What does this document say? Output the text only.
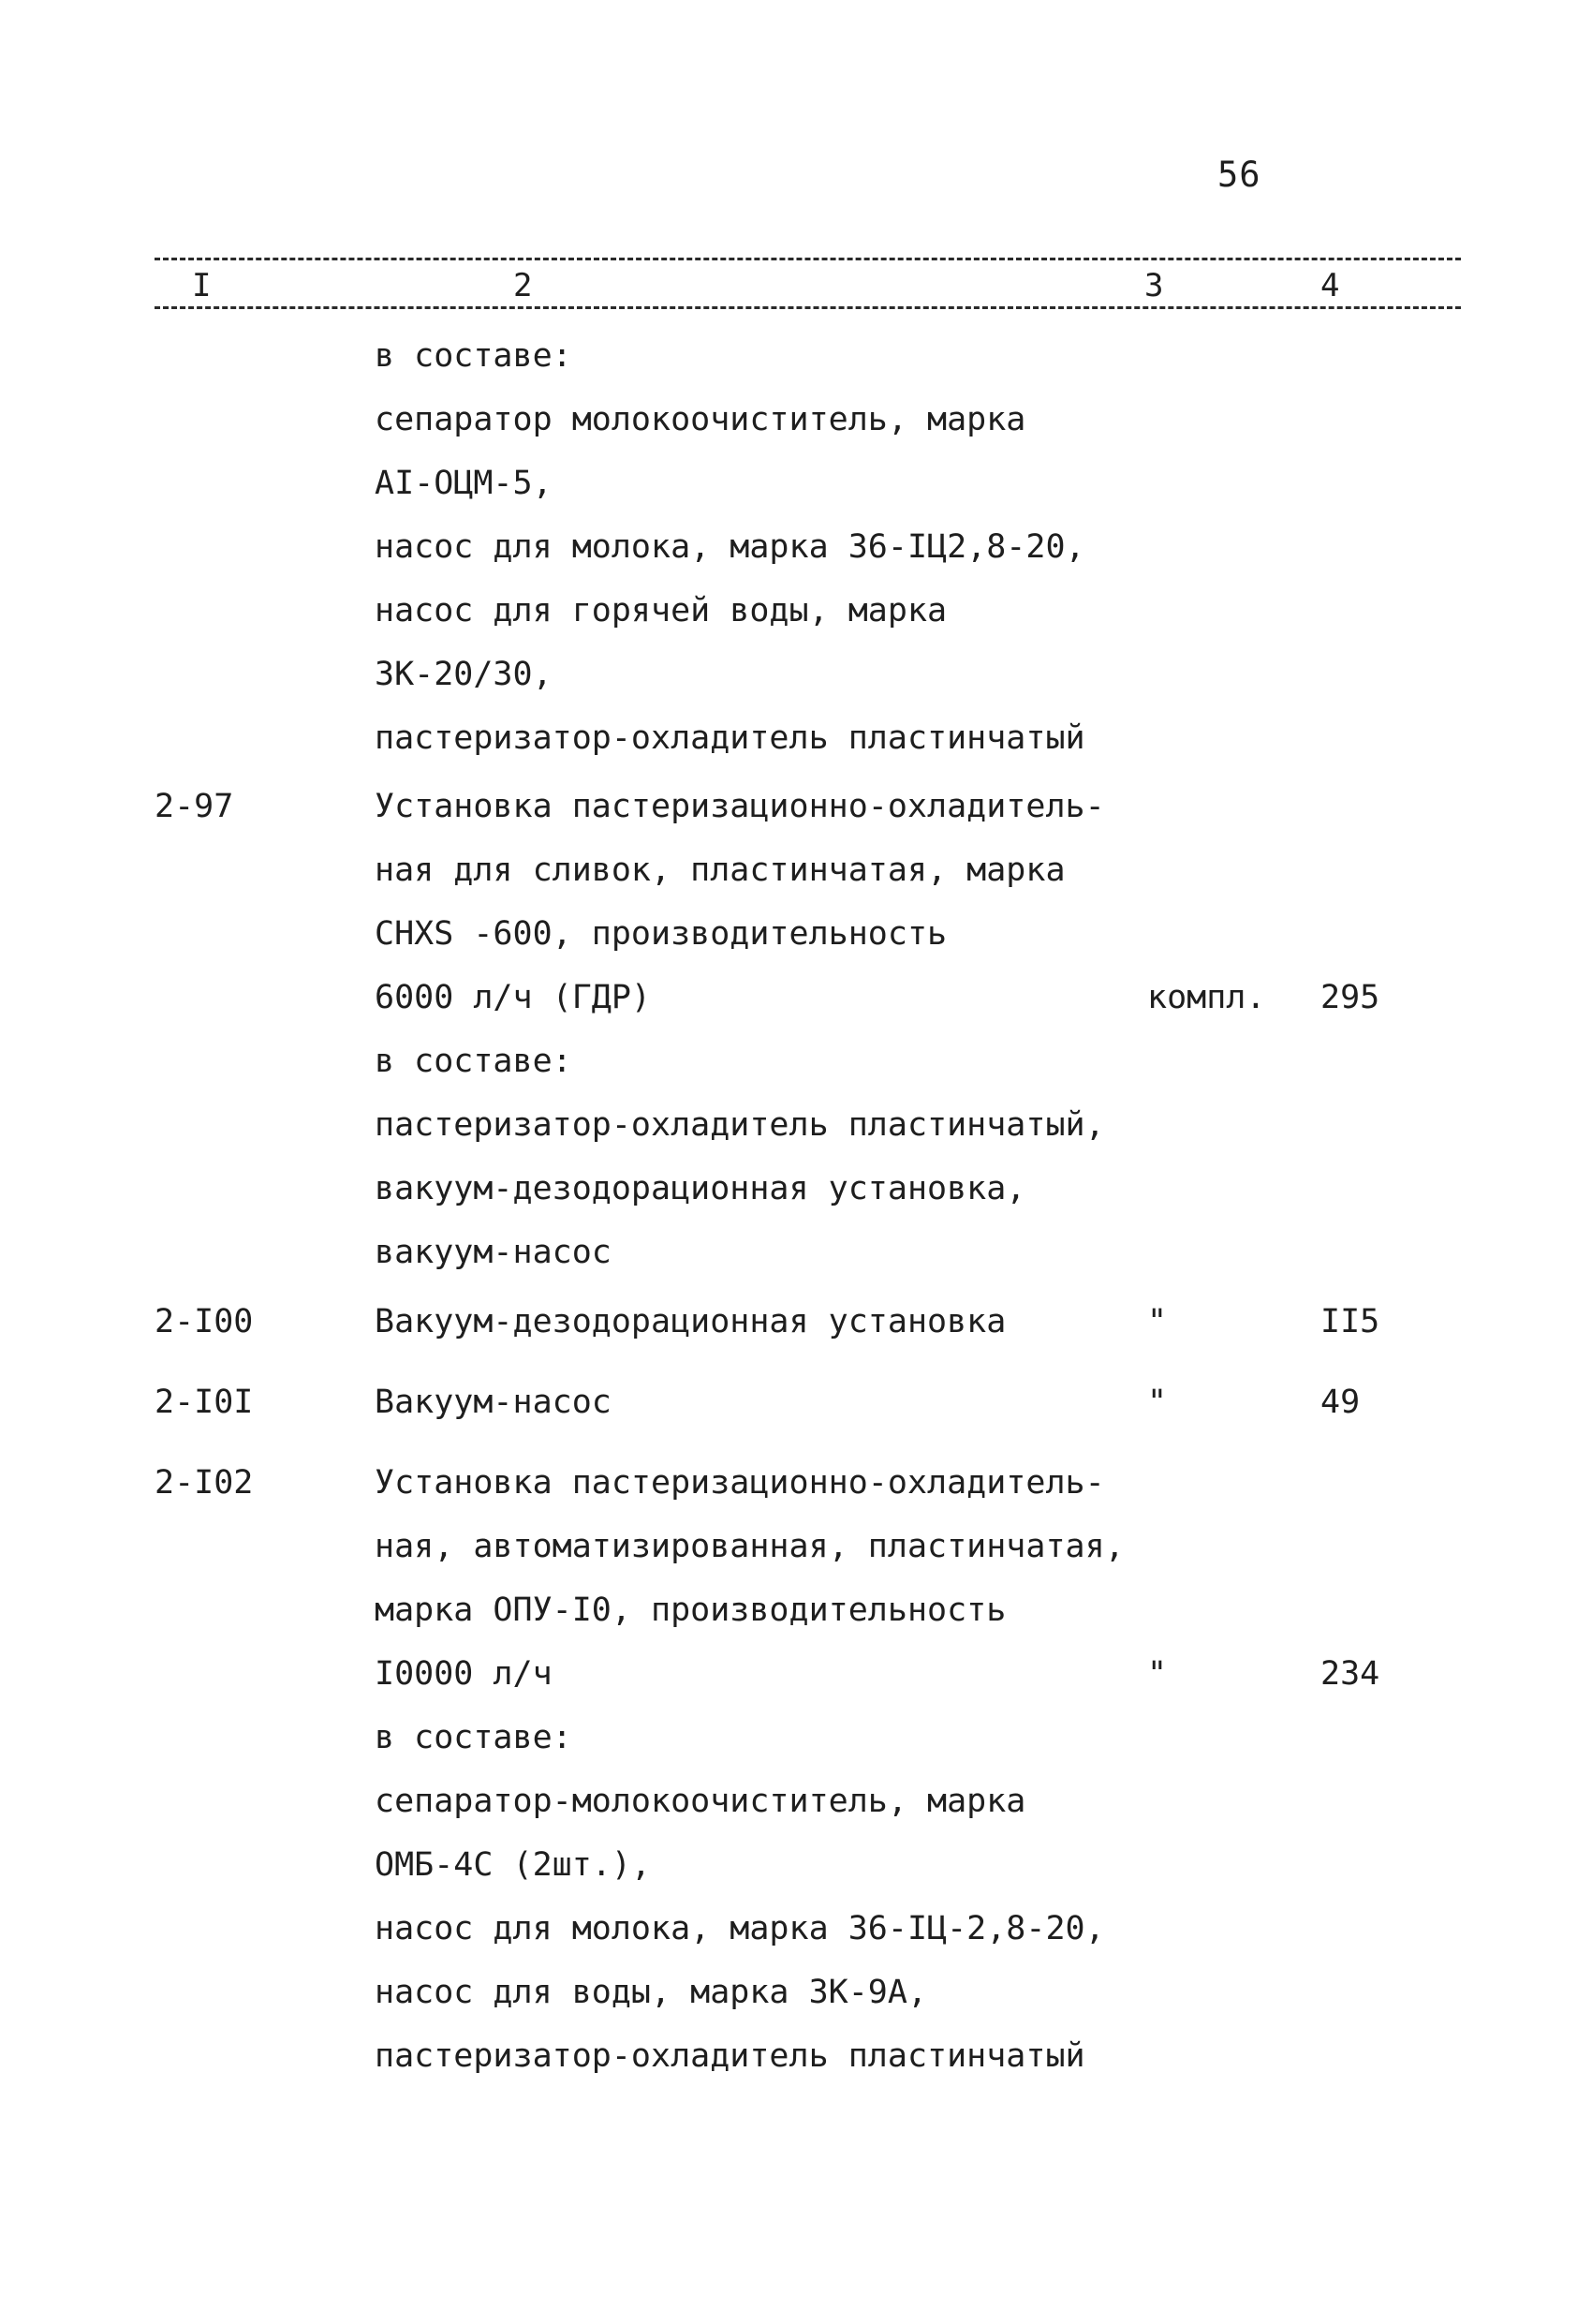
56
I	2	3	4
в составе:
сепаратор молокоочиститель, марка
АI-ОЦМ-5,
насос для молока, марка 36-IЦ2,8-20,
насос для горячей воды, марка
3К-20/30,
пастеризатор-охладитель пластинчатый
2-97	Установка пастеризационно-охладитель-
ная для сливок, пластинчатая, марка
CHXS -600, производительность
6000 л/ч (ГДР)	компл. 295
в составе:
пастеризатор-охладитель пластинчатый,
вакуум-дезодорационная установка,
вакуум-насос
2-I00	Вакуум-дезодорационная установка	"	II5
2-I0I	Вакуум-насос	"	49
2-I02	Установка пастеризационно-охладитель-
ная, автоматизированная, пластинчатая,
марка ОПУ-I0, производительность
I0000 л/ч	"	234
в составе:
сепаратор-молокоочиститель, марка
ОМБ-4С (2шт.),
насос для молока, марка 36-IЦ-2,8-20,
насос для воды, марка 3К-9А,
пастеризатор-охладитель пластинчатый
